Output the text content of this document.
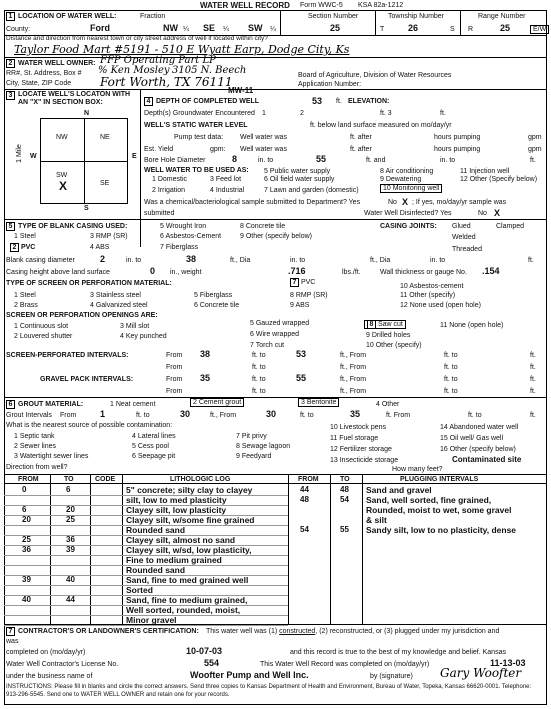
WATER WELL RECORD Form WWC-5 KSA 82a-1212
1 LOCATION OF WATER WELL:	Fraction
County:	Ford	NW ¼ SE ¼ SW ¼
Section Number
25
Township Number
T	26	S
Range Number
R	25	E/W
Distance and direction from nearest town or city street address of well if located within city?
Taylor Food Mart #5191 - 510 E Wyatt Earp, Dodge City, Ks
2 WATER WELL OWNER: FFP Operating Part LP
RR#, St. Address, Box # % Ken Mosley 3105 N. Beech
City, State, ZIP Code Fort Worth, TX 76111	Board of Agriculture, Division of Water Resources
Application Number:
MW-11
3 LOCATE WELL'S LOCATON WITH AN "X" IN SECTION BOX:
N
S
W	E
1 Mile
NW	NE
SW
SE
X
4 DEPTH OF COMPLETED WELL	53 ft. ELEVATION:
Depth(s) Groundwater Encountered 1	2	ft. 3	ft.
WELL'S STATIC WATER LEVEL	ft. below land surface measured on mo/day/yr
Pump test data: Well water was	ft. after	hours pumping	gpm
Est. Yield	gpm: Well water was	ft. after	hours pumping	gpm
Bore Hole Diameter	8	in. to	55	ft. and	in. to	ft.
WELL WATER TO BE USED AS:
1 Domestic	3 Feed lot
5 Public water supply
6 Oil field water supply
8 Air conditioning
9 Dewatering
11 Injection well
12 Other (Specify below)
2 Irrigation	4 Industrial	7 Lawn and garden (domestic)	10 Monitoring well
Was a chemical/bacteriological sample submitted to Department? Yes	No X ; If yes, mo/day/yr sample was
submitted	Water Well Disinfected? Yes	No X
5 TYPE OF BLANK CASING USED:
1 Steel	3 RMP (SR)
5 Wrought Iron
6 Asbestos-Cement
7 Fiberglass
8 Concrete tile
9 Other (specify below)
2 PVC	4 ABS
CASING JOINTS: Glued	Clamped
Welded
Threaded
Blank casing diameter	2	in. to	38	ft., Dia	in. to	ft., Dia	in. to	ft.
Casing height above land surface	0 in., weight	.716	lbs./ft.	Wall thickness or gauge No. .154
TYPE OF SCREEN OR PERFORATION MATERIAL:	7 PVC
1 Steel	3 Stainless steel	5 Fiberglass	8 RMP (SR)
10 Asbestos-cement
11 Other (specify)
12 None used (open hole)
2 Brass	4 Galvanized steel	6 Concrete tile	9 ABS
SCREEN OR PERFORATION OPENINGS ARE:
1 Continuous slot	3 Mill slot	5 Gauzed wrapped
9 Drilled holes
11 None (open hole)
2 Louvered shutter	4 Key punched	6 Wire wrapped
7 Torch cut	10 Other (specify)
8 Saw cut
SCREEN-PERFORATED INTERVALS:	From 38	ft. to	53	ft., From	ft. to	ft.
From	ft. to	ft., From	ft. to	ft.
GRAVEL PACK INTERVALS:	From 35	ft. to	55	ft., From	ft. to	ft.
From	ft. to	ft., From	ft. to	ft.
6 GROUT MATERIAL:	1 Neat cement	2 Cement grout	3 Bentonite	4 Other
Grout Intervals From	1	ft. to	30	ft., From	30	ft. to	35	ft. From	ft. to	ft.
What is the nearest source of possible contamination:
1 Septic tank
2 Sewer lines
3 Watertight sewer lines
4 Lateral lines
5 Cess pool
6 Seepage pit
7 Pit privy
8 Sewage lagoon
9 Feedyard
10 Livestock pens
11 Fuel storage
12 Fertilizer storage
13 Insecticide storage
14 Abandoned water well
15 Oil well/ Gas well
16 Other (specify below)
Contaminated site
Direction from well?	How many feet?
FROM	TO	CODE	LITHOLOGIC LOG	FROM	TO	PLUGGING INTERVALS
0	6	5" concrete; silty clay to clayey
silt, low to med plasticity
6	20	Clayey silt, low plasticity
20	25	Clayey silt, w/some fine grained
Rounded sand
25	36	Clayey silt, almost no sand
36	39	Clayey silt, w/sd, low plasticity,
Fine to medium grained
Rounded sand
39	40	Sand, fine to med grained well
Sorted
40	44	Sand, fine to medium grained,
Well sorted, rounded, moist,
Minor gravel
44	48 Sand and gravel
48	54 Sand, well sorted, fine grained,
Rounded, moist to wet, some gravel
& silt
54	55 Sandy silt, low to no plasticity, dense
7 CONTRACTOR'S OR LANDOWNER'S CERTIFICATION: This water well was (1) constructed, (2) reconstructed, or (3) plugged under my jurisdiction and
was
completed on (mo/day/yr)	10-07-03	and this record is true to the best of my knowledge and belief. Kansas
Water Well Contractor's License No.	554	This Water Well Record was completed on (mo/day/yr)	11-13-03
under the business name of	Woofter Pump and Well Inc.	by (signature) Gary Woofter
INSTRUCTIONS: Please fill in blanks and circle the correct answers. Send three copies to Kansas Department of Health and Environment, Bureau of Water, Topeka, Kansas 66620-0001. Telephone: 913-296-5545. Send one to WATER WELL OWNER and retain one for your records.
